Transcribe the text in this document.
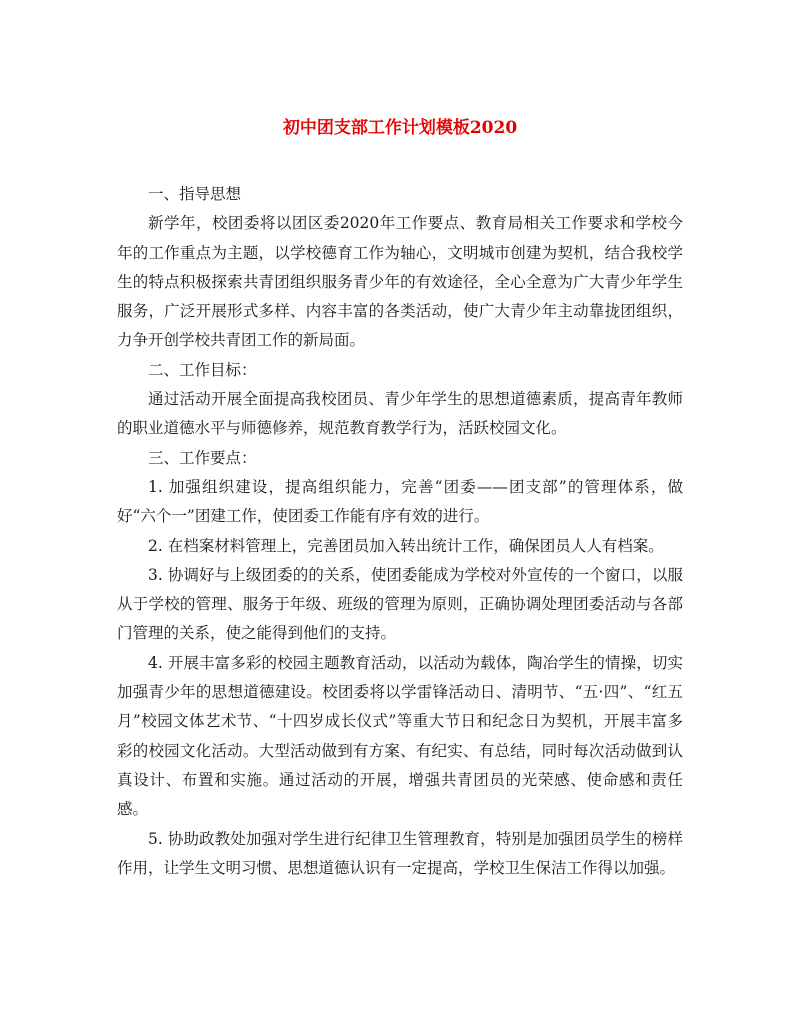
初中团支部工作计划模板2020

一、指导思想

新学年，校团委将以团区委2020年工作要点、教育局相关工作要求和学校今年的工作重点为主题，以学校德育工作为轴心，文明城市创建为契机，结合我校学生的特点积极探索共青团组织服务青少年的有效途径，全心全意为广大青少年学生服务，广泛开展形式多样、内容丰富的各类活动，使广大青少年主动靠拢团组织，力争开创学校共青团工作的新局面。

二、工作目标：

通过活动开展全面提高我校团员、青少年学生的思想道德素质，提高青年教师的职业道德水平与师德修养，规范教育教学行为，活跃校园文化。

三、工作要点：

1. 加强组织建设，提高组织能力，完善“团委——团支部”的管理体系，做好“六个一”团建工作，使团委工作能有序有效的进行。

2. 在档案材料管理上，完善团员加入转出统计工作，确保团员人人有档案。

3. 协调好与上级团委的的关系，使团委能成为学校对外宣传的一个窗口，以服从于学校的管理、服务于年级、班级的管理为原则，正确协调处理团委活动与各部门管理的关系，使之能得到他们的支持。

4. 开展丰富多彩的校园主题教育活动，以活动为载体，陶冶学生的情操，切实加强青少年的思想道德建设。校团委将以学雷锋活动日、清明节、“五·四”、“红五月”校园文体艺术节、“十四岁成长仪式”等重大节日和纪念日为契机，开展丰富多彩的校园文化活动。大型活动做到有方案、有纪实、有总结，同时每次活动做到认真设计、布置和实施。通过活动的开展，增强共青团员的光荣感、使命感和责任感。

5. 协助政教处加强对学生进行纪律卫生管理教育，特别是加强团员学生的榜样作用，让学生文明习惯、思想道德认识有一定提高，学校卫生保洁工作得以加强。
